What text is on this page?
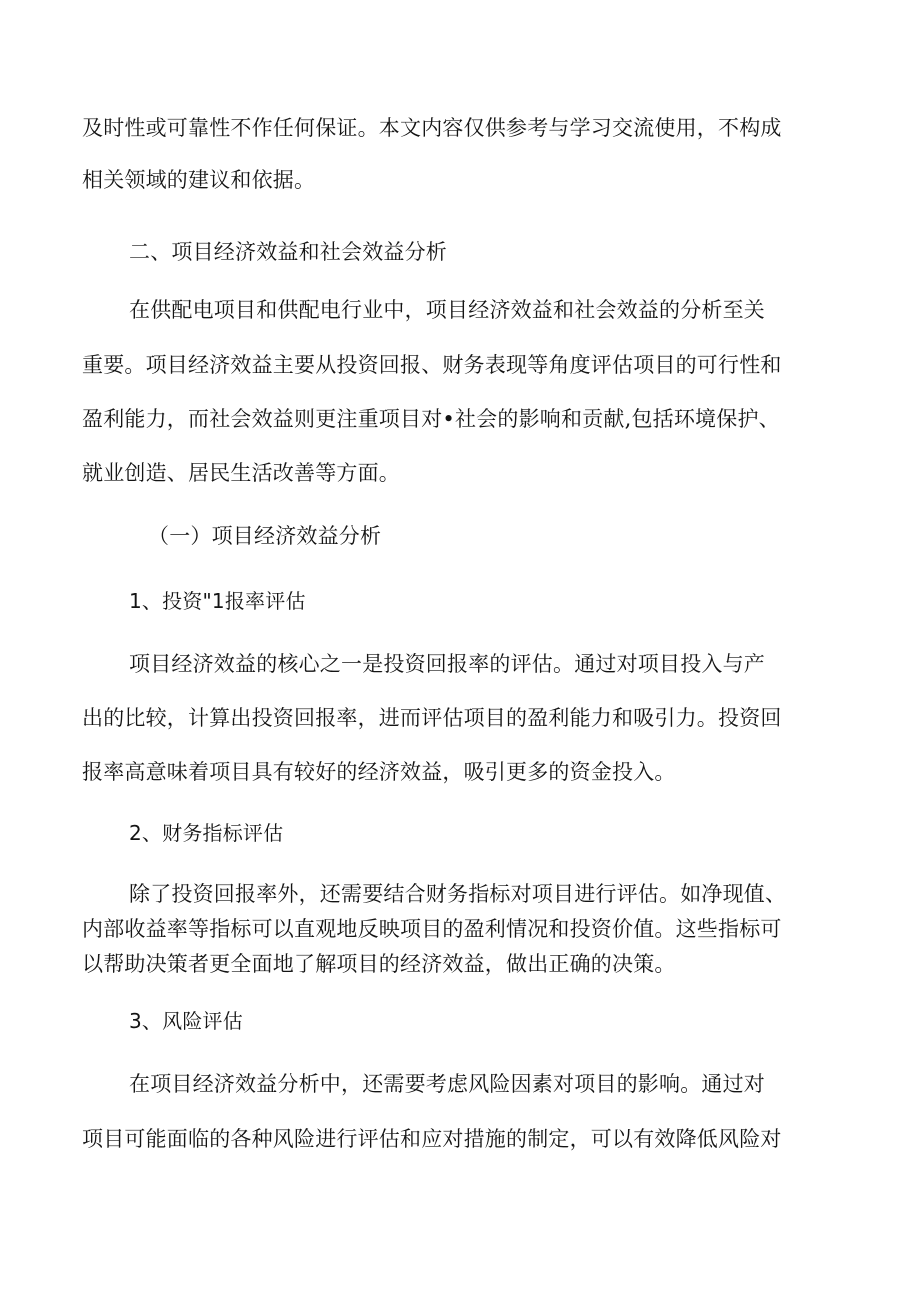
及时性或可靠性不作任何保证。本文内容仅供参考与学习交流使用，不构成
相关领域的建议和依据。
二、项目经济效益和社会效益分析
在供配电项目和供配电行业中，项目经济效益和社会效益的分析至关
重要。项目经济效益主要从投资回报、财务表现等角度评估项目的可行性和
盈利能力，而社会效益则更注重项目对•社会的影响和贡献,包括环境保护、
就业创造、居民生活改善等方面。
（一）项目经济效益分析
1、投资"1报率评估
项目经济效益的核心之一是投资回报率的评估。通过对项目投入与产
出的比较，计算出投资回报率，进而评估项目的盈利能力和吸引力。投资回
报率高意味着项目具有较好的经济效益，吸引更多的资金投入。
2、财务指标评估
除了投资回报率外，还需要结合财务指标对项目进行评估。如净现值、
内部收益率等指标可以直观地反映项目的盈利情况和投资价值。这些指标可
以帮助决策者更全面地了解项目的经济效益，做出正确的决策。
3、风险评估
在项目经济效益分析中，还需要考虑风险因素对项目的影响。通过对
项目可能面临的各种风险进行评估和应对措施的制定，可以有效降低风险对
